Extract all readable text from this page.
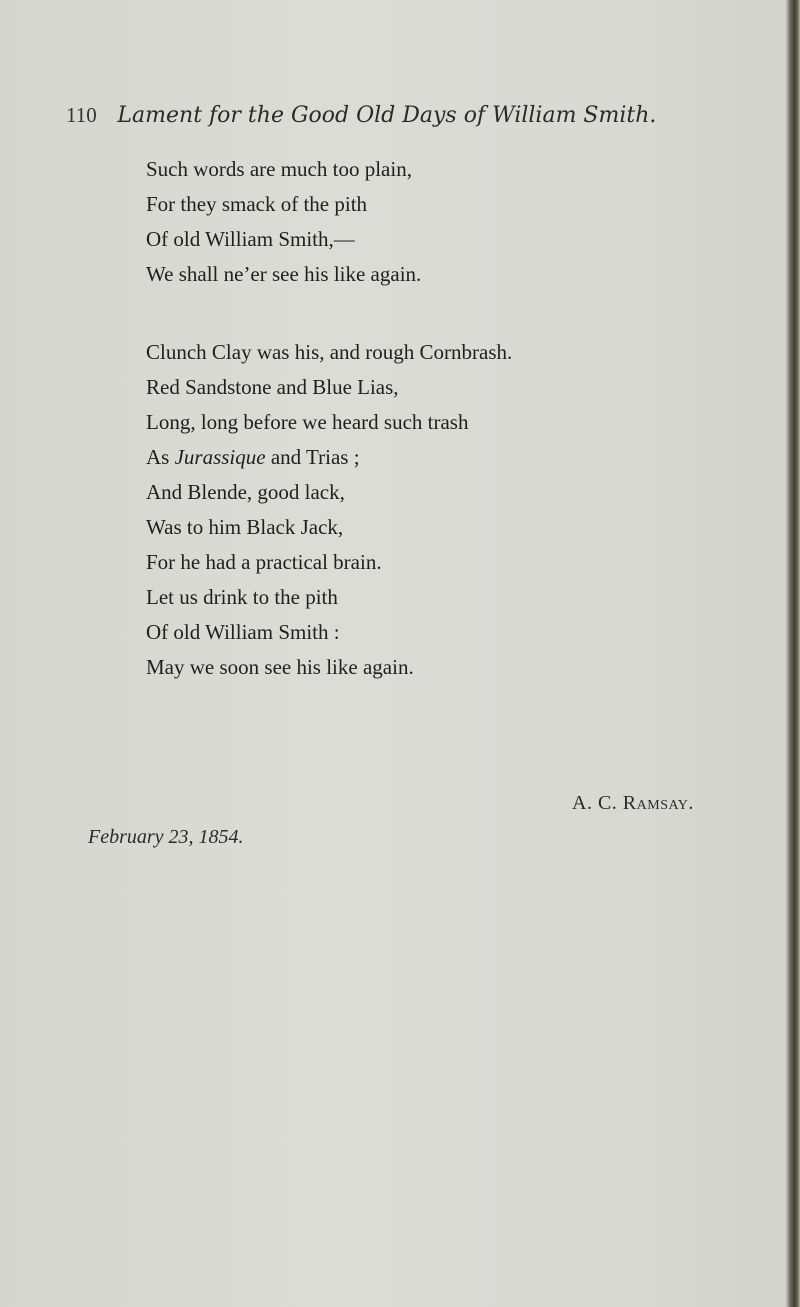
110 Lament for the Good Old Days of William Smith.
Such words are much too plain,
For they smack of the pith
Of old William Smith,—
We shall ne’er see his like again.
Clunch Clay was his, and rough Cornbrash.
Red Sandstone and Blue Lias,
Long, long before we heard such trash
As Jurassique and Trias ;
And Blende, good lack,
Was to him Black Jack,
For he had a practical brain.
Let us drink to the pith
Of old William Smith :
May we soon see his like again.
A. C. Ramsay.
February 23, 1854.
